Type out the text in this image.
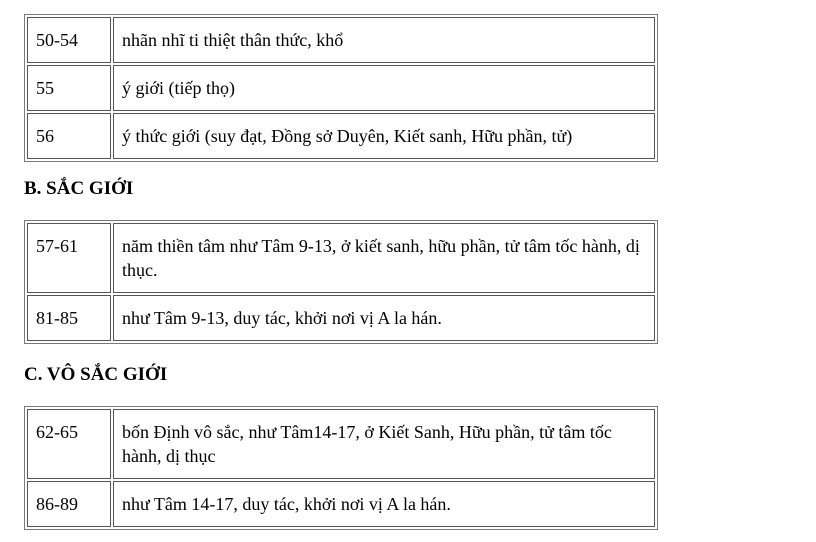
50-54	nhãn nhĩ ti thiệt thân thức, khổ
55	ý giới (tiếp thọ)
56	ý thức giới (suy đạt, Đồng sở Duyên, Kiết sanh, Hữu phần, tử)
B. SẮC GIỚI
57-61	năm thiền tâm như Tâm 9-13, ở kiết sanh, hữu phần, tử tâm tốc hành, dị thục.
81-85	như Tâm 9-13, duy tác, khởi nơi vị A la hán.
C. VÔ SẮC GIỚI
62-65	bốn Định vô sắc, như Tâm14-17, ở Kiết Sanh, Hữu phần, tử tâm tốc hành, dị thục
86-89	như Tâm 14-17, duy tác, khởi nơi vị A la hán.
